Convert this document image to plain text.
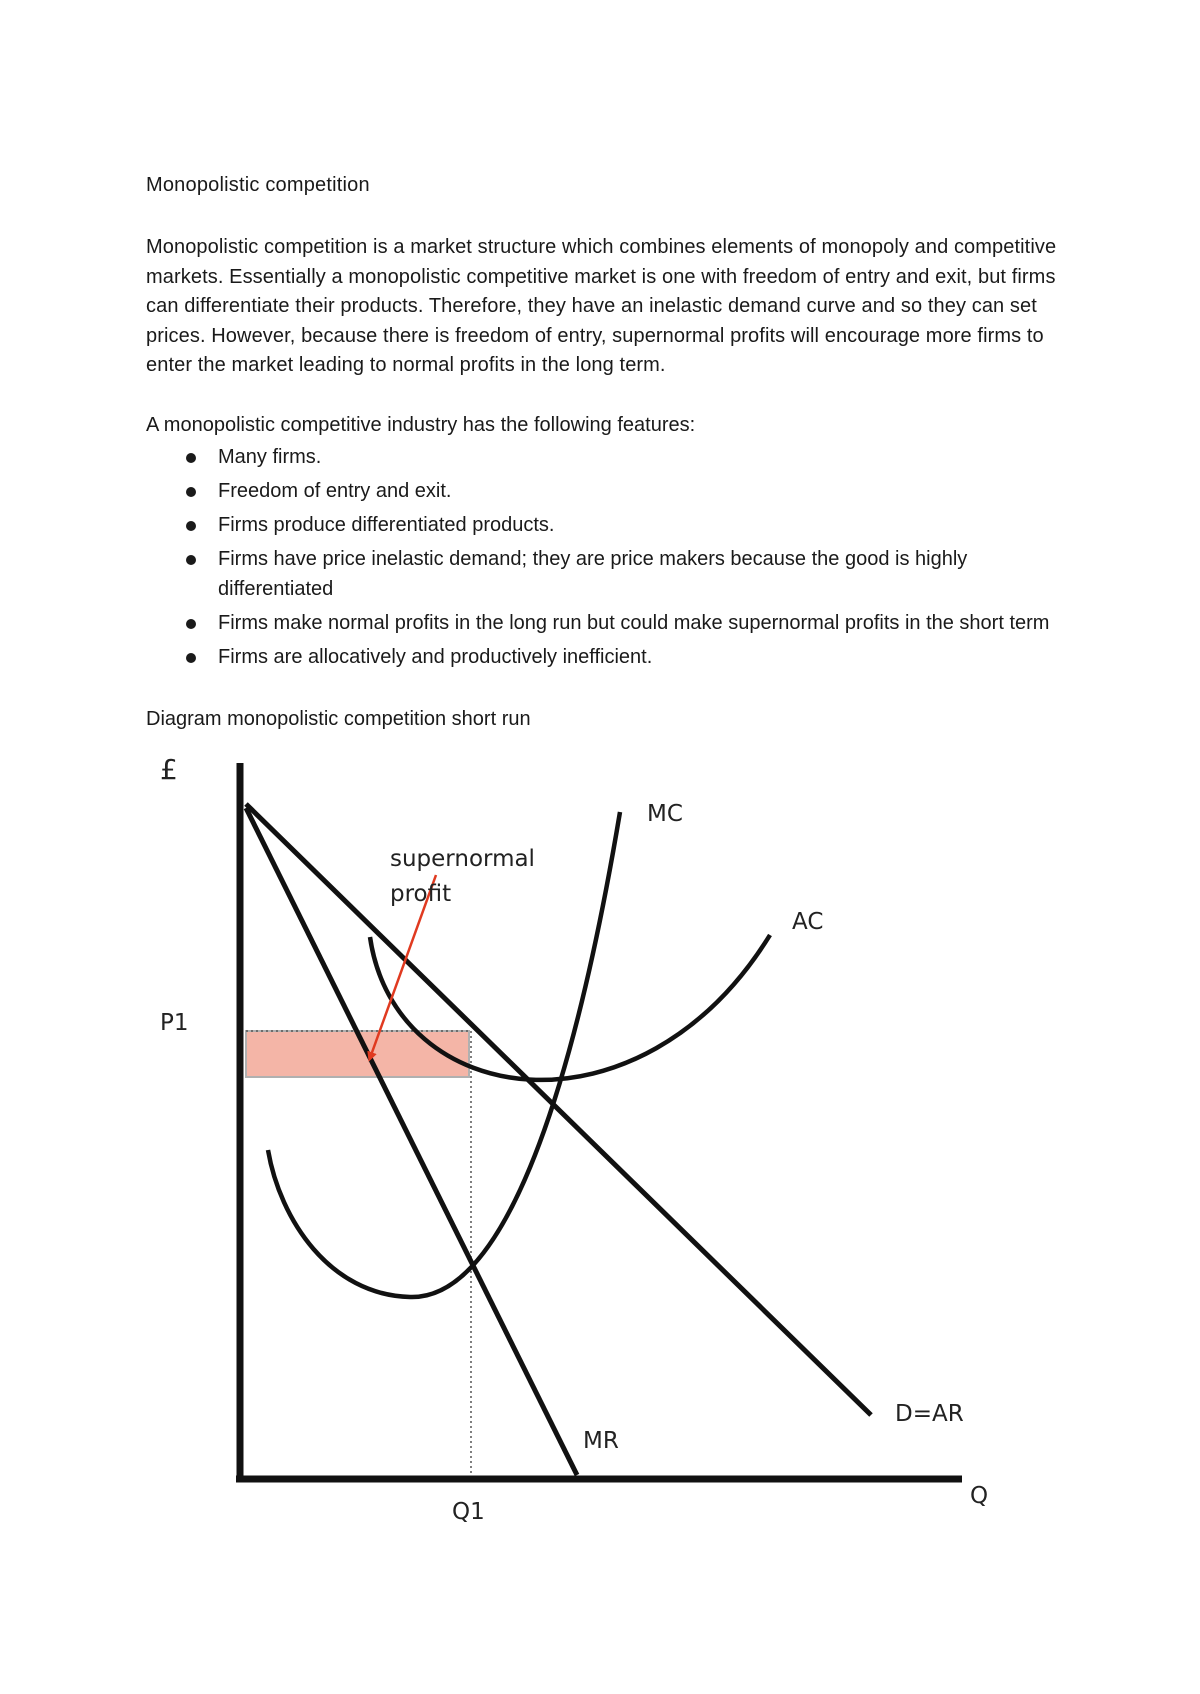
Monopolistic competition
Monopolistic competition is a market structure which combines elements of monopoly and competitive markets. Essentially a monopolistic competitive market is one with freedom of entry and exit, but firms can differentiate their products. Therefore, they have an inelastic demand curve and so they can set prices. However, because there is freedom of entry, supernormal profits will encourage more firms to enter the market leading to normal profits in the long term.
A monopolistic competitive industry has the following features:
Many firms.
Freedom of entry and exit.
Firms produce differentiated products.
Firms have price inelastic demand; they are price makers because the good is highly differentiated
Firms make normal profits in the long run but could make supernormal profits in the short term
Firms are allocatively and productively inefficient.
Diagram monopolistic competition short run
£
P1
Q1
Q
MC
AC
MR
D=AR
supernormal
profit
